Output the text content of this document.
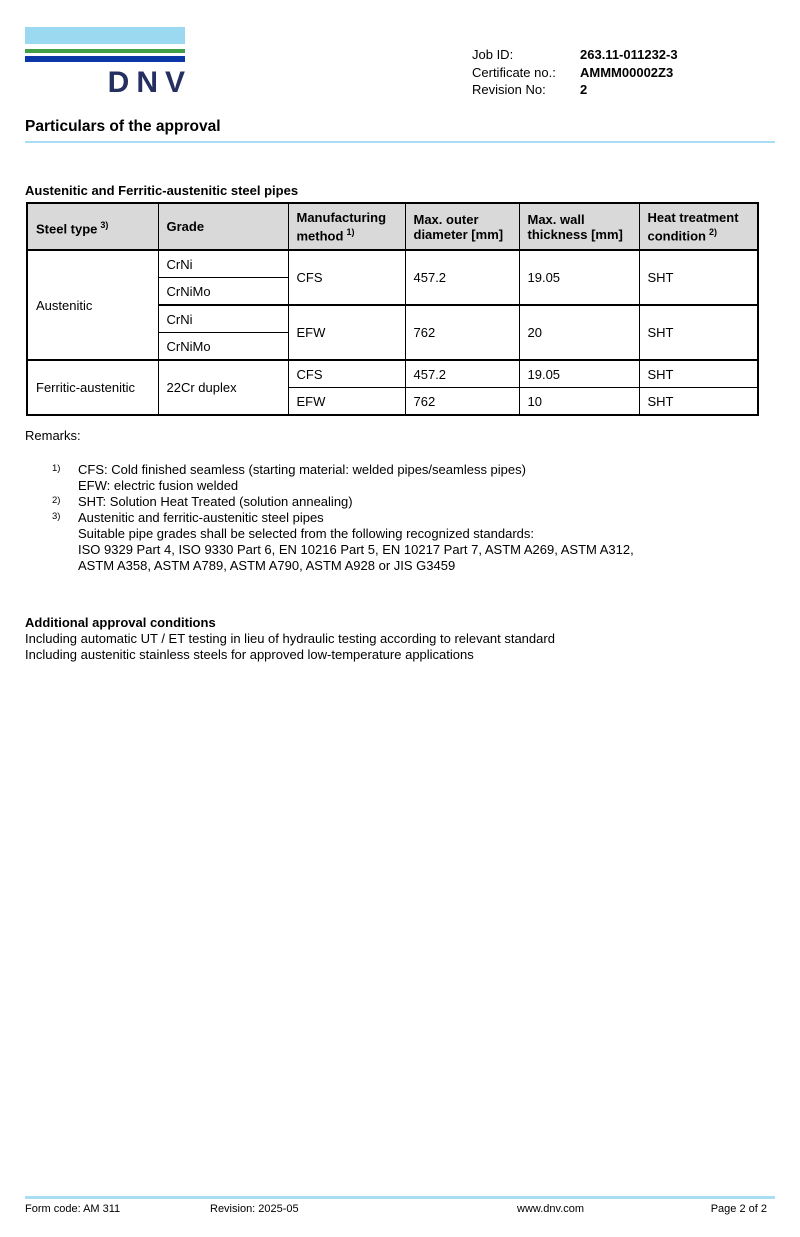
DNV
Job ID:	263.11-011232-3
Certificate no.:	AMMM00002Z3
Revision No:	2
Particulars of the approval
Austenitic and Ferritic-austenitic steel pipes
Steel type $^{3)}$	Grade	Manufacturing method $^{1)}$	Max. outer diameter [mm]	Max. wall thickness [mm]	Heat treatment condition $^{2)}$
Austenitic	CrNi	CFS	457.2	19.05	SHT
	CrNiMo				
	CrNi	EFW	762	20	SHT
	CrNiMo				
Ferritic-austenitic	22Cr duplex	CFS	457.2	19.05	SHT
		EFW	762	10	SHT
Remarks:
1)	CFS: Cold finished seamless (starting material: welded pipes/seamless pipes)
EFW: electric fusion welded
2)	SHT: Solution Heat Treated (solution annealing)
3)	Austenitic and ferritic-austenitic steel pipes
Suitable pipe grades shall be selected from the following recognized standards:
ISO 9329 Part 4, ISO 9330 Part 6, EN 10216 Part 5, EN 10217 Part 7, ASTM A269, ASTM A312,
ASTM A358, ASTM A789, ASTM A790, ASTM A928 or JIS G3459
Additional approval conditions
Including automatic UT / ET testing in lieu of hydraulic testing according to relevant standard
Including austenitic stainless steels for approved low-temperature applications
Form code: AM 311	Revision: 2025-05	www.dnv.com	Page 2 of 2
